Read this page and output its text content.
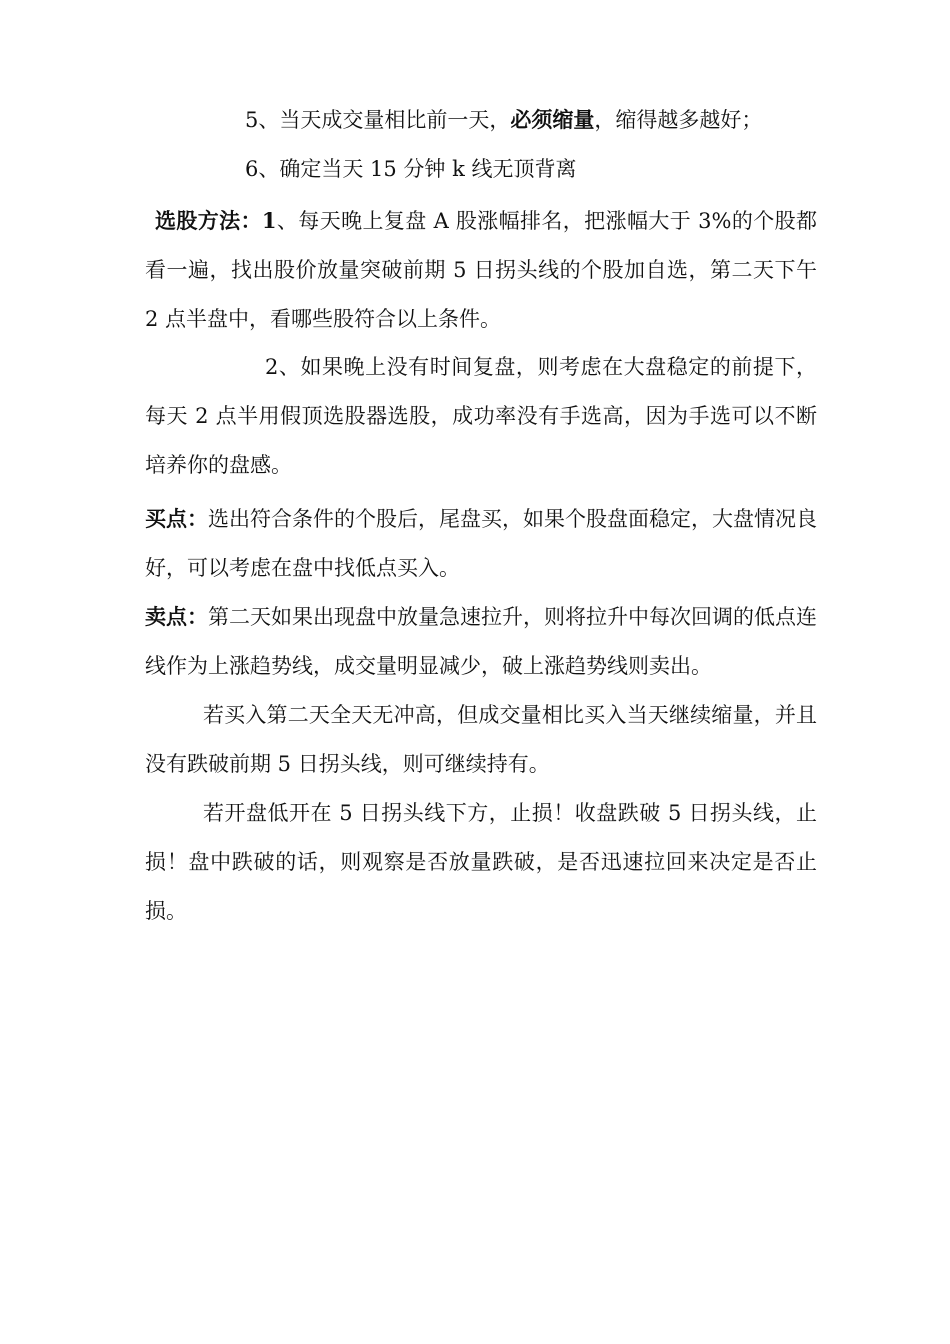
5、当天成交量相比前一天，必须缩量，缩得越多越好；

6、确定当天 15 分钟 k 线无顶背离

选股方法：1、每天晚上复盘 A 股涨幅排名，把涨幅大于 3%的个股都看一遍，找出股价放量突破前期 5 日拐头线的个股加自选，第二天下午 2 点半盘中，看哪些股符合以上条件。

2、如果晚上没有时间复盘，则考虑在大盘稳定的前提下，每天 2 点半用假顶选股器选股，成功率没有手选高，因为手选可以不断培养你的盘感。

买点：选出符合条件的个股后，尾盘买，如果个股盘面稳定，大盘情况良好，可以考虑在盘中找低点买入。

卖点：第二天如果出现盘中放量急速拉升，则将拉升中每次回调的低点连线作为上涨趋势线，成交量明显减少，破上涨趋势线则卖出。

若买入第二天全天无冲高，但成交量相比买入当天继续缩量，并且没有跌破前期 5 日拐头线，则可继续持有。

若开盘低开在 5 日拐头线下方，止损！收盘跌破 5 日拐头线，止损！盘中跌破的话，则观察是否放量跌破，是否迅速拉回来决定是否止损。
